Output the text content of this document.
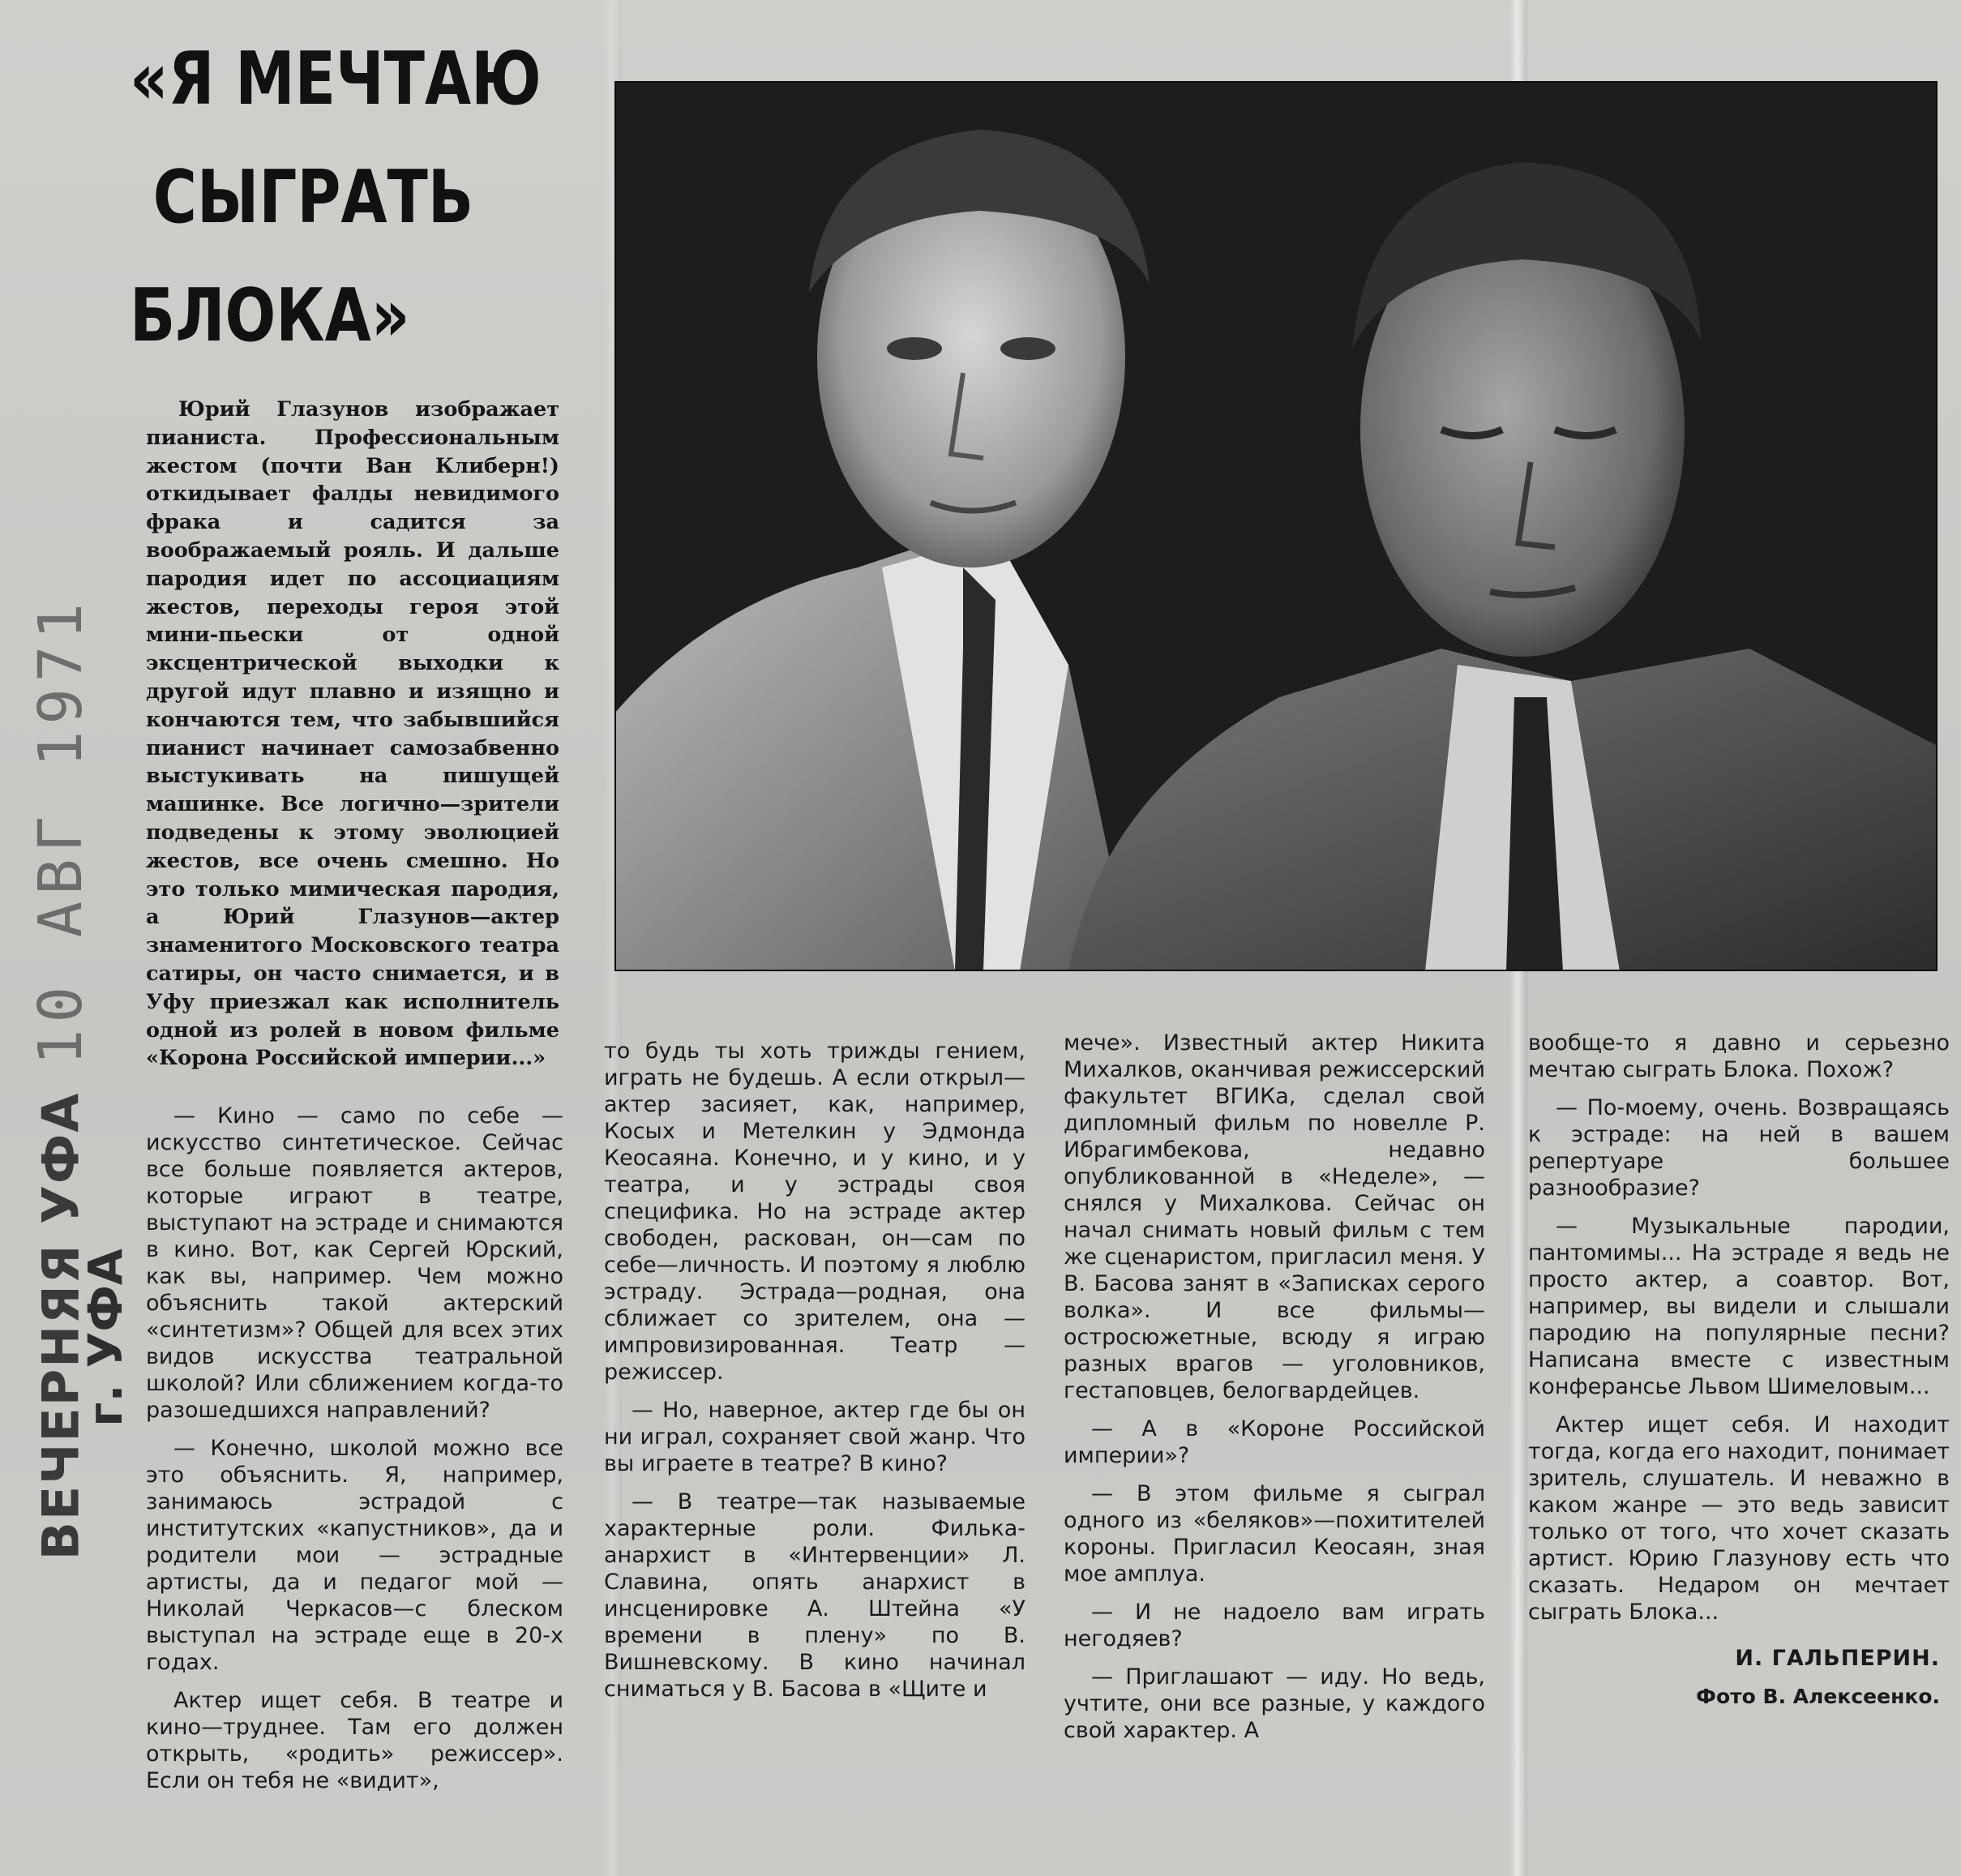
10 АВГ 1971
ВЕЧЕРНЯЯ УФА
г. УФА
«Я МЕЧТАЮ
СЫГРАТЬ
БЛОКА»

Юрий Глазунов изображает пианиста. Профессиональным жестом (почти Ван Клиберн!) откидывает фалды невидимого фрака и садится за воображаемый рояль. И дальше пародия идет по ассоциациям жестов, переходы героя этой мини-пьески от одной эксцентрической выходки к другой идут плавно и изящно и кончаются тем, что забывшийся пианист начинает самозабвенно выстукивать на пишущей машинке. Все логично—зрители подведены к этому эволюцией жестов, все очень смешно. Но это только мимическая пародия, а Юрий Глазунов—актер знаменитого Московского театра сатиры, он часто снимается, и в Уфу приезжал как исполнитель одной из ролей в новом фильме «Корона Российской империи...»

— Кино — само по себе — искусство синтетическое. Сейчас все больше появляется актеров, которые играют в театре, выступают на эстраде и снимаются в кино. Вот, как Сергей Юрский, как вы, например. Чем можно объяснить такой актерский «синтетизм»? Общей для всех этих видов искусства театральной школой? Или сближением когда-то разошедшихся направлений?

— Конечно, школой можно все это объяснить. Я, например, занимаюсь эстрадой с институтских «капустников», да и родители мои — эстрадные артисты, да и педагог мой — Николай Черкасов—с блеском выступал на эстраде еще в 20-х годах.

Актер ищет себя. В театре и кино—труднее. Там его должен открыть, «родить» режиссер». Если он тебя не «видит»,

то будь ты хоть трижды гением, играть не будешь. А если открыл—актер засияет, как, например, Косых и Метелкин у Эдмонда Кеосаяна. Конечно, и у кино, и у театра, и у эстрады своя специфика. Но на эстраде актер свободен, раскован, он—сам по себе—личность. И поэтому я люблю эстраду. Эстрада—родная, она сближает со зрителем, она — импровизированная. Театр — режиссер.

— Но, наверное, актер где бы он ни играл, сохраняет свой жанр. Что вы играете в театре? В кино?

— В театре—так называемые характерные роли. Филька-анархист в «Интервенции» Л. Славина, опять анархист в инсценировке А. Штейна «У времени в плену» по В. Вишневскому. В кино начинал сниматься у В. Басова в «Щите и

мече». Известный актер Никита Михалков, оканчивая режиссерский факультет ВГИКа, сделал свой дипломный фильм по новелле Р. Ибрагимбекова, недавно опубликованной в «Неделе», — снялся у Михалкова. Сейчас он начал снимать новый фильм с тем же сценаристом, пригласил меня. У В. Басова занят в «Записках серого волка». И все фильмы—остросюжетные, всюду я играю разных врагов — уголовников, гестаповцев, белогвардейцев.

— А в «Короне Российской империи»?

— В этом фильме я сыграл одного из «беляков»—похитителей короны. Пригласил Кеосаян, зная мое амплуа.

— И не надоело вам играть негодяев?

— Приглашают — иду. Но ведь, учтите, они все разные, у каждого свой характер. А

вообще-то я давно и серьезно мечтаю сыграть Блока. Похож?

— По-моему, очень. Возвращаясь к эстраде: на ней в вашем репертуаре большее разнообразие?

— Музыкальные пародии, пантомимы... На эстраде я ведь не просто актер, а соавтор. Вот, например, вы видели и слышали пародию на популярные песни? Написана вместе с известным конферансье Львом Шимеловым...

Актер ищет себя. И находит тогда, когда его находит, понимает зритель, слушатель. И неважно в каком жанре — это ведь зависит только от того, что хочет сказать артист. Юрию Глазунову есть что сказать. Недаром он мечтает сыграть Блока...

И. ГАЛЬПЕРИН.

Фото В. Алексеенко.
